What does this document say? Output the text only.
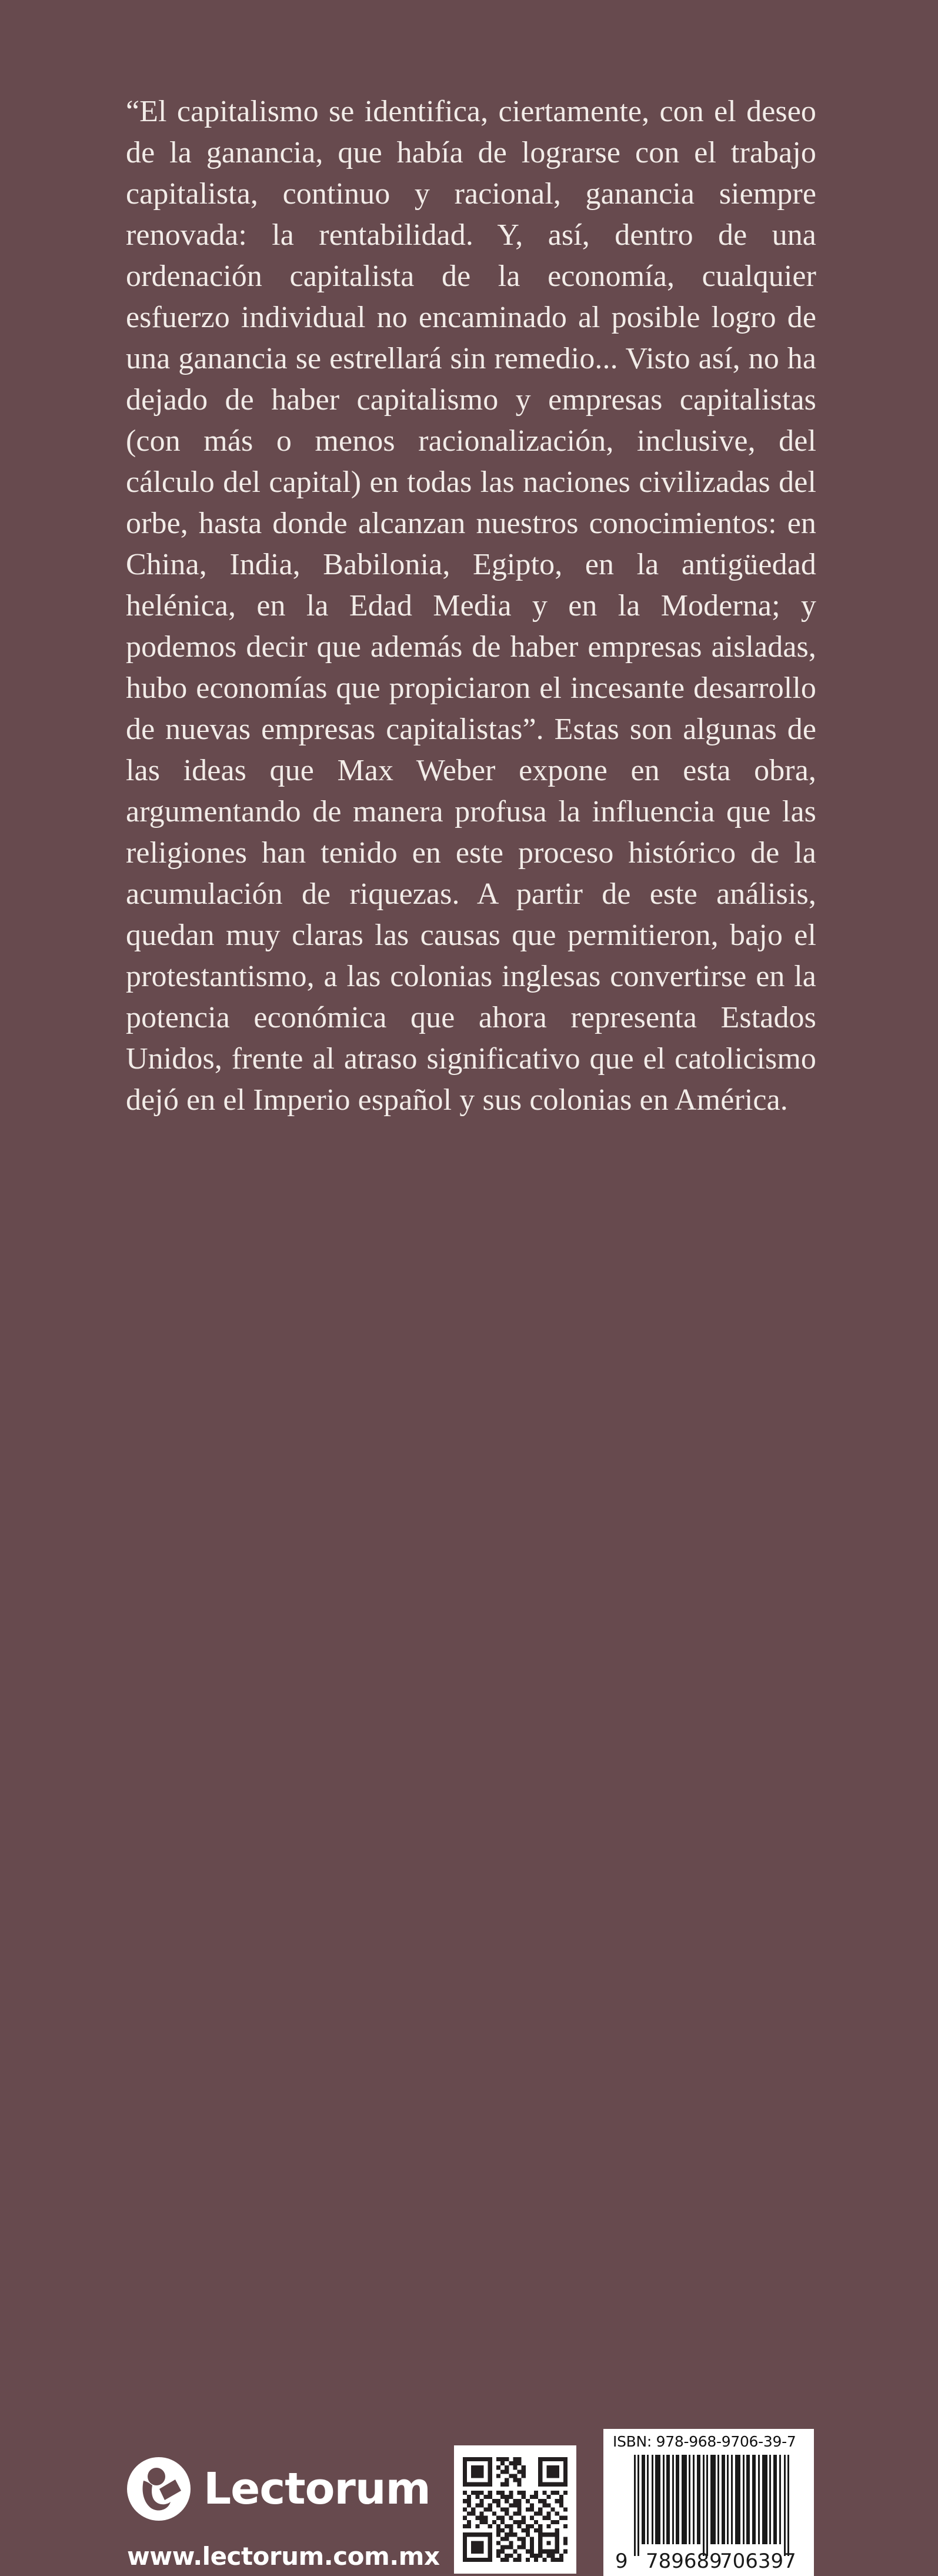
“El capitalismo se identifica, ciertamente, con el deseo de la ganancia, que había de lograrse con el trabajo capitalista, continuo y racional, ganancia siempre renovada: la rentabilidad. Y, así, dentro de una ordenación capitalista de la economía, cualquier esfuerzo individual no encaminado al posible logro de una ganancia se estrellará sin remedio... Visto así, no ha dejado de haber capitalismo y empresas capitalistas (con más o menos racionalización, inclusive, del cálculo del capital) en todas las naciones civilizadas del orbe, hasta donde alcanzan nuestros conocimientos: en China, India, Babilonia, Egipto, en la antigüedad helénica, en la Edad Media y en la Moderna; y podemos decir que además de haber empresas aisladas, hubo economías que propiciaron el incesante desarrollo de nuevas empresas capitalistas”. Estas son algunas de las ideas que Max Weber expone en esta obra, argumentando de manera profusa la influencia que las religiones han tenido en este proceso histórico de la acumulación de riquezas. A partir de este análisis, quedan muy claras las causas que permitieron, bajo el protestantismo, a las colonias inglesas convertirse en la potencia económica que ahora representa Estados Unidos, frente al atraso significativo que el catolicismo dejó en el Imperio español y sus colonias en América.

Lectorum
www.lectorum.com.mx
ISBN: 978-968-9706-39-7
9 789689
706397
